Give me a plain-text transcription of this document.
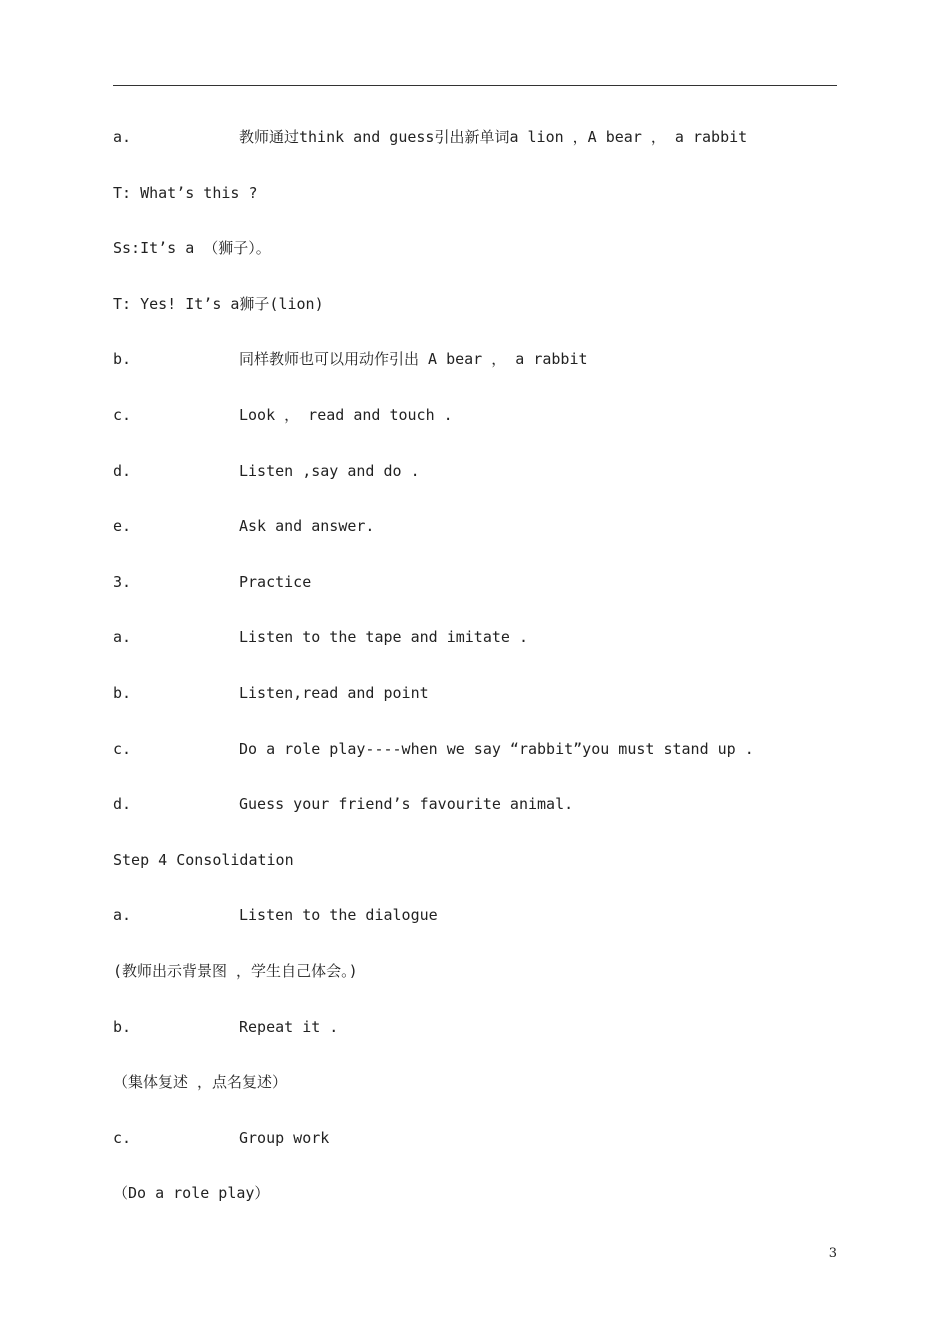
a.	教师通过think and guess引出新单词a lion ，A bear ， a rabbit
T: What’s this ?
Ss:It’s a （狮子）。
T: Yes! It’s a狮子(lion)
b.	同样教师也可以用动作引出 A bear ， a rabbit
c.	Look ， read and touch .
d.	Listen ,say and do .
e.	Ask and answer.
3.	Practice
a.	Listen to the tape and imitate .
b.	Listen,read and point
c.	Do a role play----when we say “rabbit”you must stand up .
d.	Guess your friend’s favourite animal.
Step 4 Consolidation
a.	Listen to the dialogue
(教师出示背景图 ，学生自己体会。)
b.	Repeat it .
（集体复述 ，点名复述）
c.	Group work
（Do a role play）
3
